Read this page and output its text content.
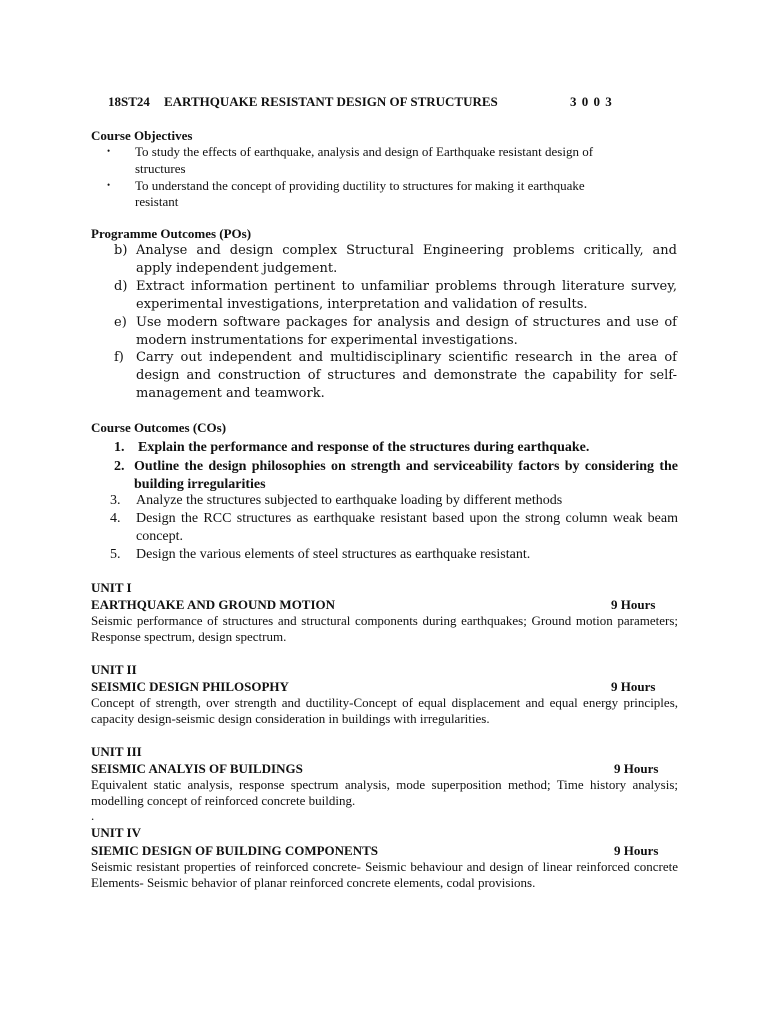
18ST24 EARTHQUAKE RESISTANT DESIGN OF STRUCTURES	3 0 0 3
Course Objectives
• To study the effects of earthquake, analysis and design of Earthquake resistant design of
structures
• To understand the concept of providing ductility to structures for making it earthquake
resistant
Programme Outcomes (POs)
b) Analyse and design complex Structural Engineering problems critically, and apply independent judgement.
d) Extract information pertinent to unfamiliar problems through literature survey, experimental investigations, interpretation and validation of results.
e) Use modern software packages for analysis and design of structures and use of modern instrumentations for experimental investigations.
f) Carry out independent and multidisciplinary scientific research in the area of design and construction of structures and demonstrate the capability for self-management and teamwork.
Course Outcomes (COs)
1. Explain the performance and response of the structures during earthquake.
2. Outline the design philosophies on strength and serviceability factors by considering the building irregularities
3. Analyze the structures subjected to earthquake loading by different methods
4. Design the RCC structures as earthquake resistant based upon the strong column weak beam concept.
5. Design the various elements of steel structures as earthquake resistant.
UNIT I
EARTHQUAKE AND GROUND MOTION	9 Hours
Seismic performance of structures and structural components during earthquakes; Ground motion parameters; Response spectrum, design spectrum.
UNIT II
SEISMIC DESIGN PHILOSOPHY	9 Hours
Concept of strength, over strength and ductility-Concept of equal displacement and equal energy principles, capacity design-seismic design consideration in buildings with irregularities.
UNIT III
SEISMIC ANALYIS OF BUILDINGS	9 Hours
Equivalent static analysis, response spectrum analysis, mode superposition method; Time history analysis; modelling concept of reinforced concrete building.
.
UNIT IV
SIEMIC DESIGN OF BUILDING COMPONENTS	9 Hours
Seismic resistant properties of reinforced concrete- Seismic behaviour and design of linear reinforced concrete Elements- Seismic behavior of planar reinforced concrete elements, codal provisions.
